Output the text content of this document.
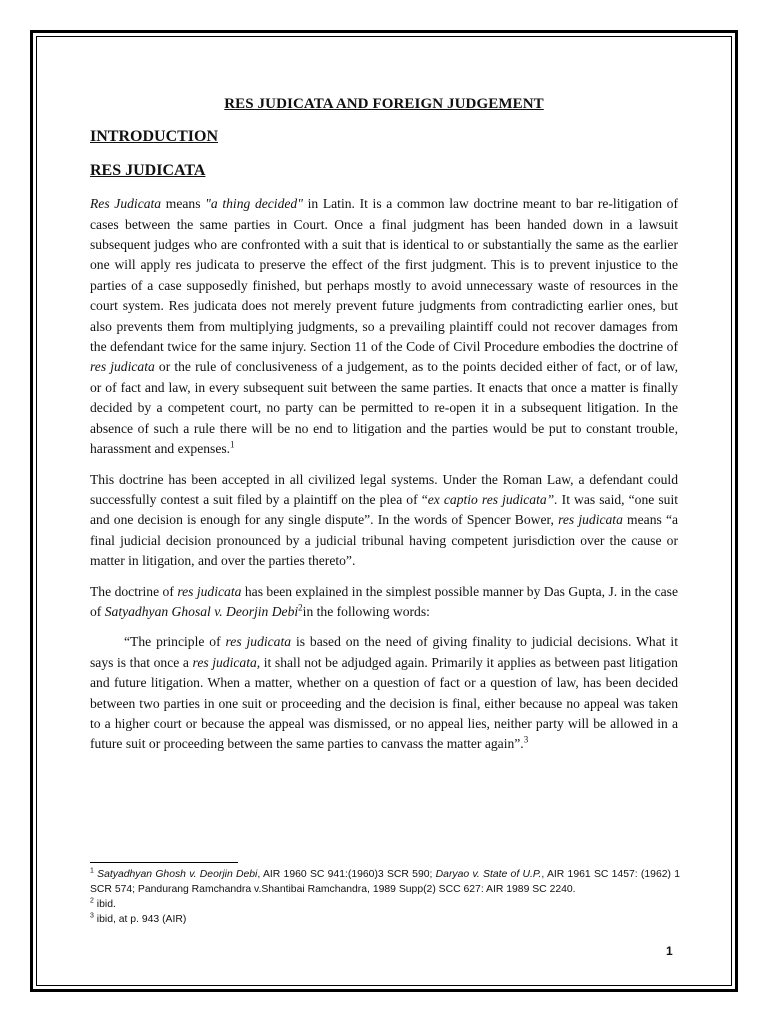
RES JUDICATA AND FOREIGN JUDGEMENT
INTRODUCTION
RES JUDICATA

Res Judicata means "a thing decided" in Latin. It is a common law doctrine meant to bar re-litigation of cases between the same parties in Court. Once a final judgment has been handed down in a lawsuit subsequent judges who are confronted with a suit that is identical to or substantially the same as the earlier one will apply res judicata to preserve the effect of the first judgment. This is to prevent injustice to the parties of a case supposedly finished, but perhaps mostly to avoid unnecessary waste of resources in the court system. Res judicata does not merely prevent future judgments from contradicting earlier ones, but also prevents them from multiplying judgments, so a prevailing plaintiff could not recover damages from the defendant twice for the same injury. Section 11 of the Code of Civil Procedure embodies the doctrine of res judicata or the rule of conclusiveness of a judgement, as to the points decided either of fact, or of law, or of fact and law, in every subsequent suit between the same parties. It enacts that once a matter is finally decided by a competent court, no party can be permitted to re-open it in a subsequent litigation. In the absence of such a rule there will be no end to litigation and the parties would be put to constant trouble, harassment and expenses.$^1$

This doctrine has been accepted in all civilized legal systems. Under the Roman Law, a defendant could successfully contest a suit filed by a plaintiff on the plea of “ex captio res judicata”. It was said, “one suit and one decision is enough for any single dispute”. In the words of Spencer Bower, res judicata means “a final judicial decision pronounced by a judicial tribunal having competent jurisdiction over the cause or matter in litigation, and over the parties thereto”.

The doctrine of res judicata has been explained in the simplest possible manner by Das Gupta, J. in the case of Satyadhyan Ghosal v. Deorjin Debi$^2$in the following words:

“The principle of res judicata is based on the need of giving finality to judicial decisions. What it says is that once a res judicata, it shall not be adjudged again. Primarily it applies as between past litigation and future litigation. When a matter, whether on a question of fact or a question of law, has been decided between two parties in one suit or proceeding and the decision is final, either because no appeal was taken to a higher court or because the appeal was dismissed, or no appeal lies, neither party will be allowed in a future suit or proceeding between the same parties to canvass the matter again”.$^3$

$^1$ Satyadhyan Ghosh v. Deorjin Debi, AIR 1960 SC 941:(1960)3 SCR 590; Daryao v. State of U.P., AIR 1961 SC 1457: (1962) 1 SCR 574; Pandurang Ramchandra v.Shantibai Ramchandra, 1989 Supp(2) SCC 627: AIR 1989 SC 2240.

$^2$ ibid.

$^3$ ibid, at p. 943 (AIR)

1
